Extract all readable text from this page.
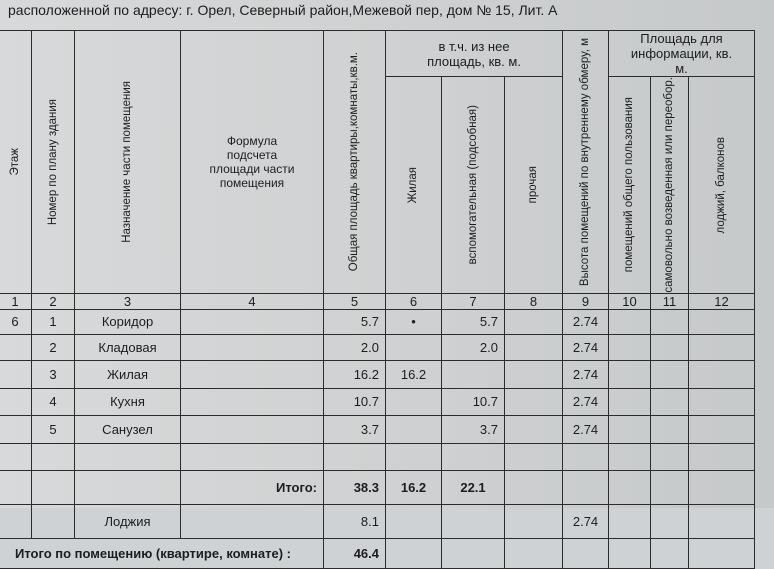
расположенной по адресу: г. Орел, Северный район,Межевой пер, дом № 15, Лит. А
Этаж	Номер по плану здания	Назначение части помещения	Формула подсчета площади части помещения	Общая площадь квартиры,комнаты,кв.м.	в т.ч. из нее площадь, кв. м.			Высота помещений по внутреннему обмеру, м	Площадь для информации, кв. м.		

					Жилая	вспомогательная (подсобная)	прочая		помещений общего пользования	самовольно возведенная или переобор.	лоджий, балконов

1	2	3	4	5	6	7	8	9	10	11	12
6	1	Коридор		5.7	•	5.7		2.74			
	2	Кладовая		2.0		2.0		2.74			
	3	Жилая		16.2	16.2			2.74			
	4	Кухня		10.7		10.7		2.74			
	5	Санузел		3.7		3.7		2.74			

			Итого:	38.3	16.2	22.1					
		Лоджия		8.1				2.74			
Итого по помещению (квартире, комнате) :				46.4							
